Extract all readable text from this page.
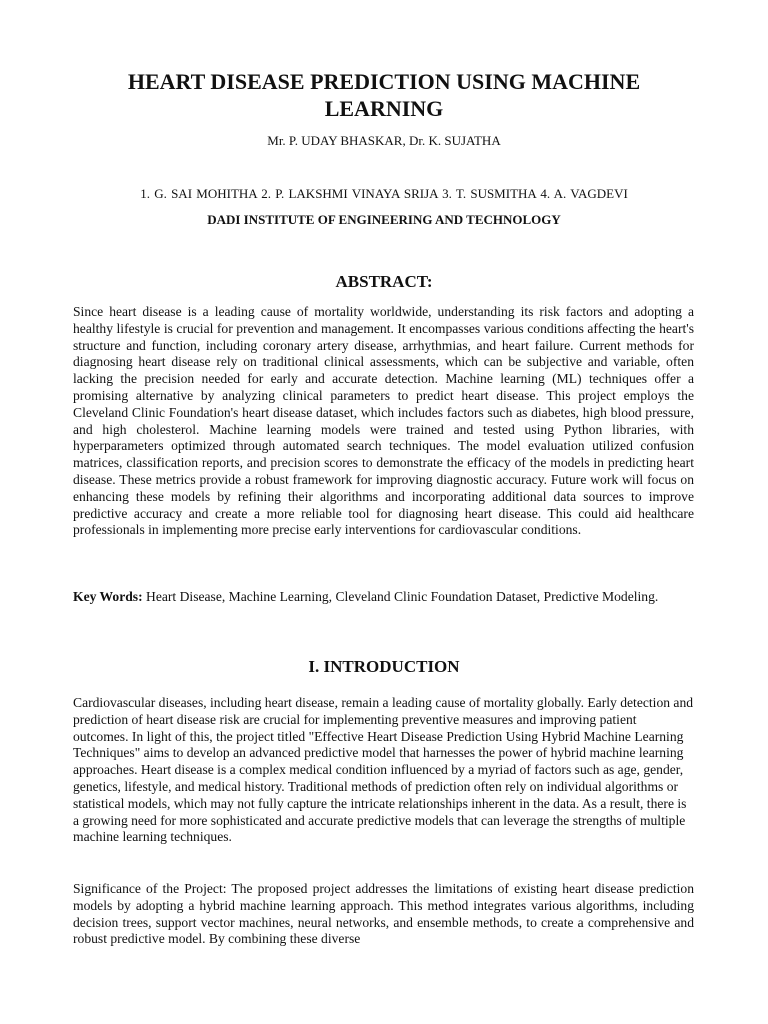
HEART DISEASE PREDICTION USING MACHINE LEARNING
Mr. P. UDAY BHASKAR, Dr. K. SUJATHA
1. G. SAI MOHITHA 2. P. LAKSHMI VINAYA SRIJA 3. T. SUSMITHA 4. A. VAGDEVI
DADI INSTITUTE OF ENGINEERING AND TECHNOLOGY
ABSTRACT:

Since heart disease is a leading cause of mortality worldwide, understanding its risk factors and adopting a healthy lifestyle is crucial for prevention and management. It encompasses various conditions affecting the heart's structure and function, including coronary artery disease, arrhythmias, and heart failure. Current methods for diagnosing heart disease rely on traditional clinical assessments, which can be subjective and variable, often lacking the precision needed for early and accurate detection. Machine learning (ML) techniques offer a promising alternative by analyzing clinical parameters to predict heart disease. This project employs the Cleveland Clinic Foundation's heart disease dataset, which includes factors such as diabetes, high blood pressure, and high cholesterol. Machine learning models were trained and tested using Python libraries, with hyperparameters optimized through automated search techniques. The model evaluation utilized confusion matrices, classification reports, and precision scores to demonstrate the efficacy of the models in predicting heart disease. These metrics provide a robust framework for improving diagnostic accuracy. Future work will focus on enhancing these models by refining their algorithms and incorporating additional data sources to improve predictive accuracy and create a more reliable tool for diagnosing heart disease. This could aid healthcare professionals in implementing more precise early interventions for cardiovascular conditions.

Key Words: Heart Disease, Machine Learning, Cleveland Clinic Foundation Dataset, Predictive Modeling.

I. INTRODUCTION

Cardiovascular diseases, including heart disease, remain a leading cause of mortality globally. Early detection and prediction of heart disease risk are crucial for implementing preventive measures and improving patient outcomes. In light of this, the project titled "Effective Heart Disease Prediction Using Hybrid Machine Learning Techniques" aims to develop an advanced predictive model that harnesses the power of hybrid machine learning approaches. Heart disease is a complex medical condition influenced by a myriad of factors such as age, gender, genetics, lifestyle, and medical history. Traditional methods of prediction often rely on individual algorithms or statistical models, which may not fully capture the intricate relationships inherent in the data. As a result, there is a growing need for more sophisticated and accurate predictive models that can leverage the strengths of multiple machine learning techniques.

Significance of the Project: The proposed project addresses the limitations of existing heart disease prediction models by adopting a hybrid machine learning approach. This method integrates various algorithms, including decision trees, support vector machines, neural networks, and ensemble methods, to create a comprehensive and robust predictive model. By combining these diverse
